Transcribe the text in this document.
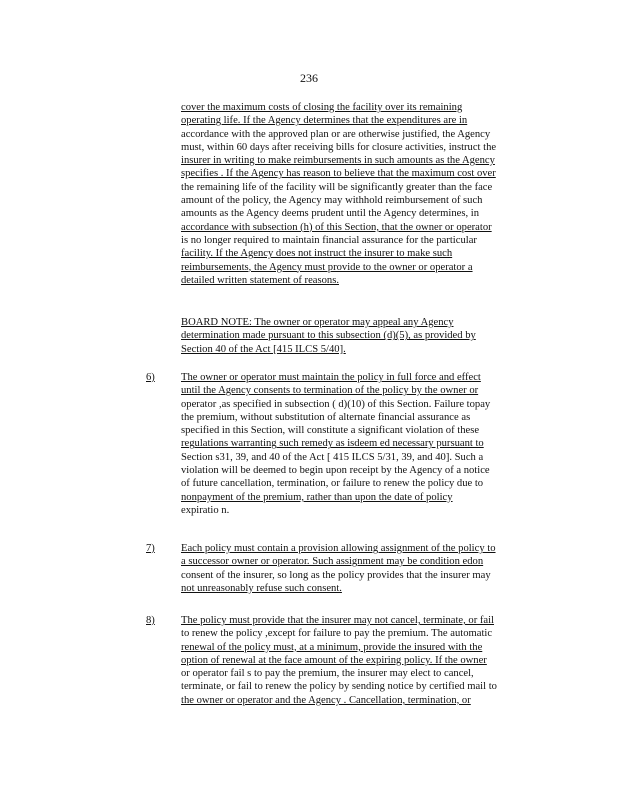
236
cover the maximum costs of closing the facility over its remaining
operating life. If the Agency determines that the expenditures are in
accordance with the approved plan or are otherwise justified, the Agency
must, within 60 days after receiving bills for closure activities, instruct the
insurer in writing to make reimbursements in such amounts as the Agency
specifies . If the Agency has reason to believe that the maximum cost over
the remaining life of the facility will be significantly greater than the face
amount of the policy, the Agency may withhold reimbursement of such
amounts as the Agency deems prudent until the Agency determines, in
accordance with subsection (h) of this Section, that the owner or operator
is no longer required to maintain financial assurance for the particular
facility. If the Agency does not instruct the insurer to make such
reimbursements, the Agency must provide to the owner or operator a
detailed written statement of reasons.
BOARD NOTE: The owner or operator may appeal any Agency
determination made pursuant to this subsection (d)(5), as provided by
Section 40 of the Act [415 ILCS 5/40].
6) The owner or operator must maintain the policy in full force and effect
until the Agency consents to termination of the policy by the owner or
operator ,as specified in subsection ( d)(10) of this Section. Failure topay
the premium, without substitution of alternate financial assurance as
specified in this Section, will constitute a significant violation of these
regulations warranting such remedy as isdeem ed necessary pursuant to
Section s31, 39, and 40 of the Act [ 415 ILCS 5/31, 39, and 40]. Such a
violation will be deemed to begin upon receipt by the Agency of a notice
of future cancellation, termination, or failure to renew the policy due to
nonpayment of the premium, rather than upon the date of policy
expiratio n.
7) Each policy must contain a provision allowing assignment of the policy to
a successor owner or operator. Such assignment may be condition edon
consent of the insurer, so long as the policy provides that the insurer may
not unreasonably refuse such consent.
8) The policy must provide that the insurer may not cancel, terminate, or fail
to renew the policy ,except for failure to pay the premium. The automatic
renewal of the policy must, at a minimum, provide the insured with the
option of renewal at the face amount of the expiring policy. If the owner
or operator fail s to pay the premium, the insurer may elect to cancel,
terminate, or fail to renew the policy by sending notice by certified mail to
the owner or operator and the Agency . Cancellation, termination, or
